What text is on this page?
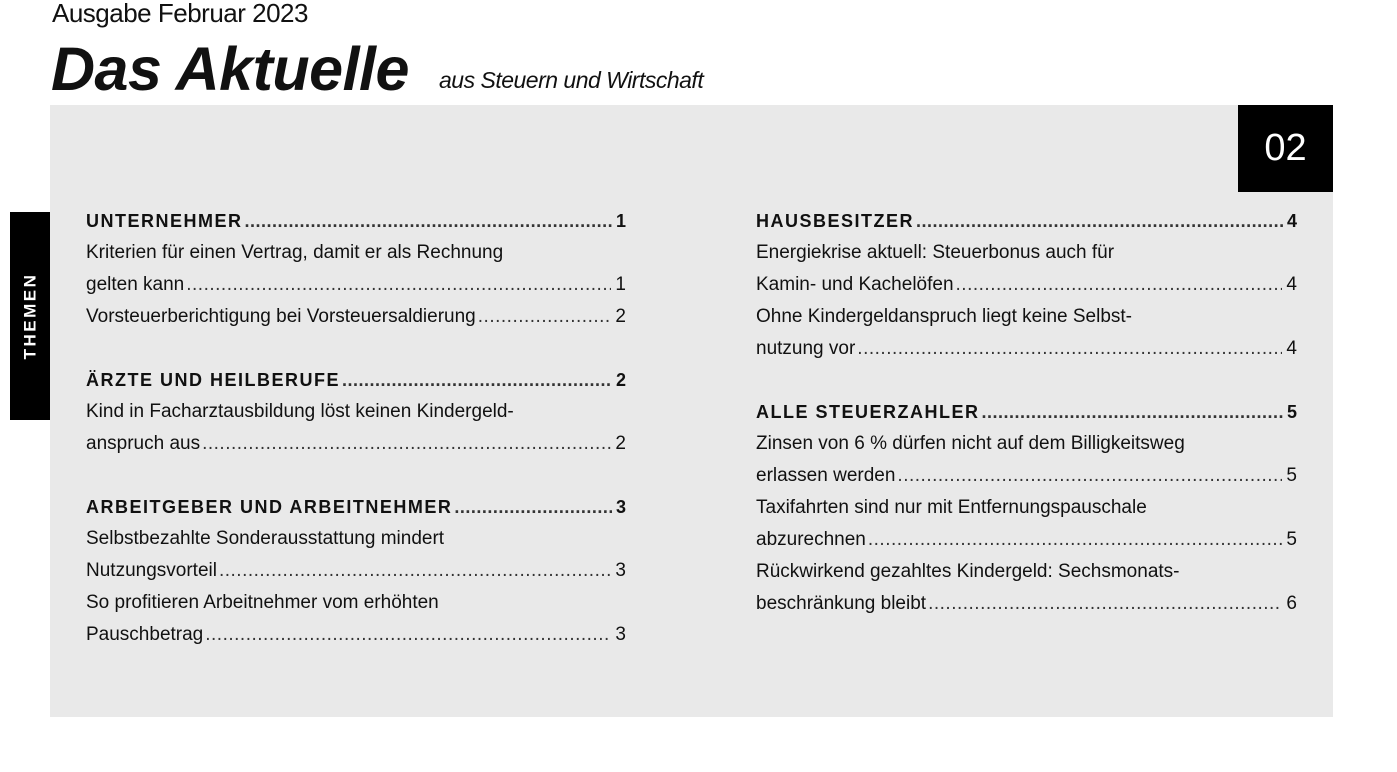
Ausgabe Februar 2023
Das Aktuelle aus Steuern und Wirtschaft
02
THEMEN
UNTERNEHMER .....	1
Kriterien für einen Vertrag, damit er als Rechnung
gelten kann .....	1
Vorsteuerberichtigung bei Vorsteuersaldierung .....	2
ÄRZTE UND HEILBERUFE .....	2
Kind in Facharztausbildung löst keinen Kindergeld-
anspruch aus .....	2
ARBEITGEBER UND ARBEITNEHMER .....	3
Selbstbezahlte Sonderausstattung mindert
Nutzungsvorteil .....	3
So profitieren Arbeitnehmer vom erhöhten
Pauschbetrag .....	3
HAUSBESITZER .....	4
Energiekrise aktuell: Steuerbonus auch für
Kamin- und Kachelöfen .....	4
Ohne Kindergeldanspruch liegt keine Selbst-
nutzung vor .....	4
ALLE STEUERZAHLER .....	5
Zinsen von 6 % dürfen nicht auf dem Billigkeitsweg
erlassen werden .....	5
Taxifahrten sind nur mit Entfernungspauschale
abzurechnen .....	5
Rückwirkend gezahltes Kindergeld: Sechsmonats-
beschränkung bleibt .....	6
